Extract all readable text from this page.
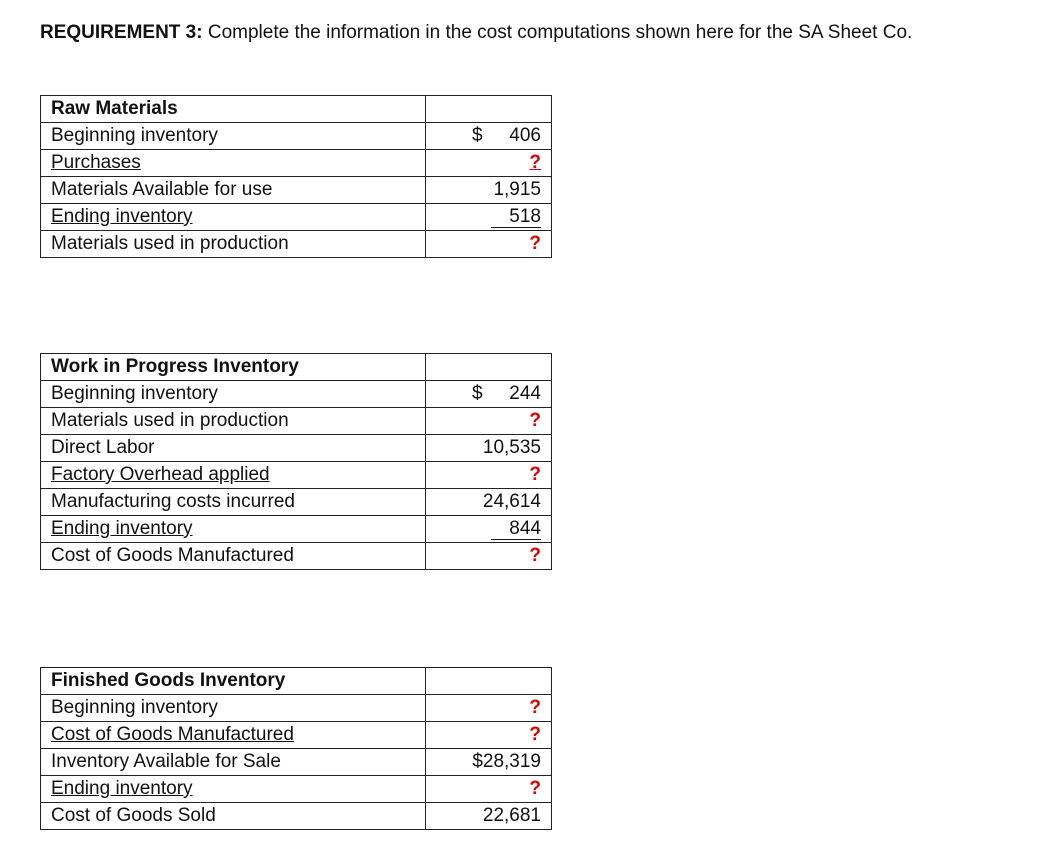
REQUIREMENT 3: Complete the information in the cost computations shown here for the SA Sheet Co.
Raw Materials	
Beginning inventory	$ 406
Purchases	?
Materials Available for use	1,915
Ending inventory	518
Materials used in production	?
Work in Progress Inventory	
Beginning inventory	$ 244
Materials used in production	?
Direct Labor	10,535
Factory Overhead applied	?
Manufacturing costs incurred	24,614
Ending inventory	844
Cost of Goods Manufactured	?
Finished Goods Inventory	
Beginning inventory	?
Cost of Goods Manufactured	?
Inventory Available for Sale	$28,319
Ending inventory	?
Cost of Goods Sold	22,681
